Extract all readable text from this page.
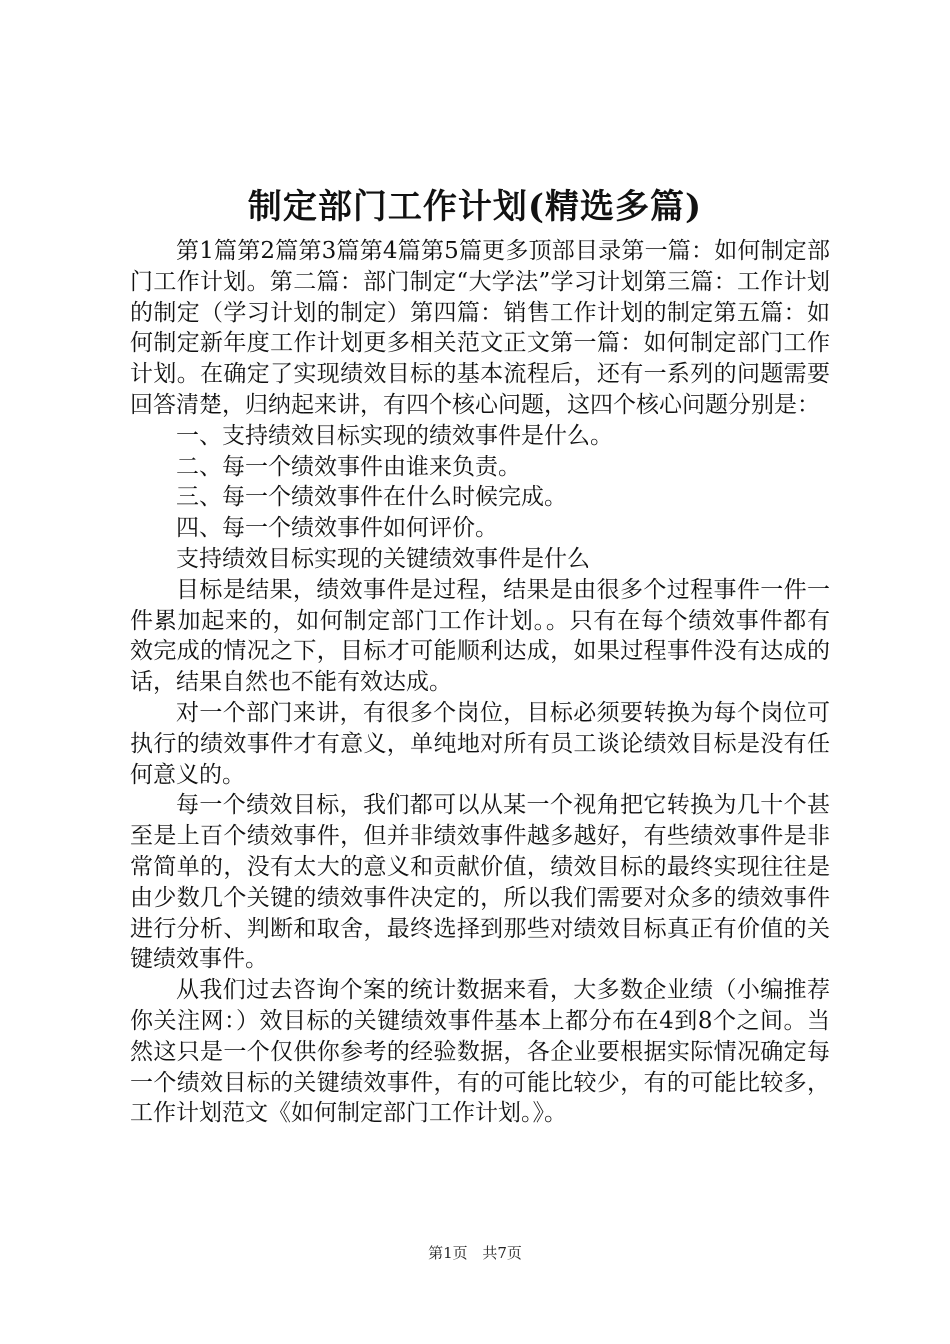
制定部门工作计划(精选多篇)

第1篇第2篇第3篇第4篇第5篇更多顶部目录第一篇：如何制定部门工作计划。第二篇：部门制定“大学法”学习计划第三篇：工作计划的制定（学习计划的制定）第四篇：销售工作计划的制定第五篇：如何制定新年度工作计划更多相关范文正文第一篇：如何制定部门工作计划。在确定了实现绩效目标的基本流程后，还有一系列的问题需要回答清楚，归纳起来讲，有四个核心问题，这四个核心问题分别是：

一、支持绩效目标实现的绩效事件是什么。

二、每一个绩效事件由谁来负责。

三、每一个绩效事件在什么时候完成。

四、每一个绩效事件如何评价。

支持绩效目标实现的关键绩效事件是什么

目标是结果，绩效事件是过程，结果是由很多个过程事件一件一件累加起来的，如何制定部门工作计划。。只有在每个绩效事件都有效完成的情况之下，目标才可能顺利达成，如果过程事件没有达成的话，结果自然也不能有效达成。

对一个部门来讲，有很多个岗位，目标必须要转换为每个岗位可执行的绩效事件才有意义，单纯地对所有员工谈论绩效目标是没有任何意义的。

每一个绩效目标，我们都可以从某一个视角把它转换为几十个甚至是上百个绩效事件，但并非绩效事件越多越好，有些绩效事件是非常简单的，没有太大的意义和贡献价值，绩效目标的最终实现往往是由少数几个关键的绩效事件决定的，所以我们需要对众多的绩效事件进行分析、判断和取舍，最终选择到那些对绩效目标真正有价值的关键绩效事件。

从我们过去咨询个案的统计数据来看，大多数企业绩（小编推荐你关注网：）效目标的关键绩效事件基本上都分布在4到8个之间。当然这只是一个仅供你参考的经验数据，各企业要根据实际情况确定每一个绩效目标的关键绩效事件，有的可能比较少，有的可能比较多，工作计划范文《如何制定部门工作计划。》。

第1页 共7页
